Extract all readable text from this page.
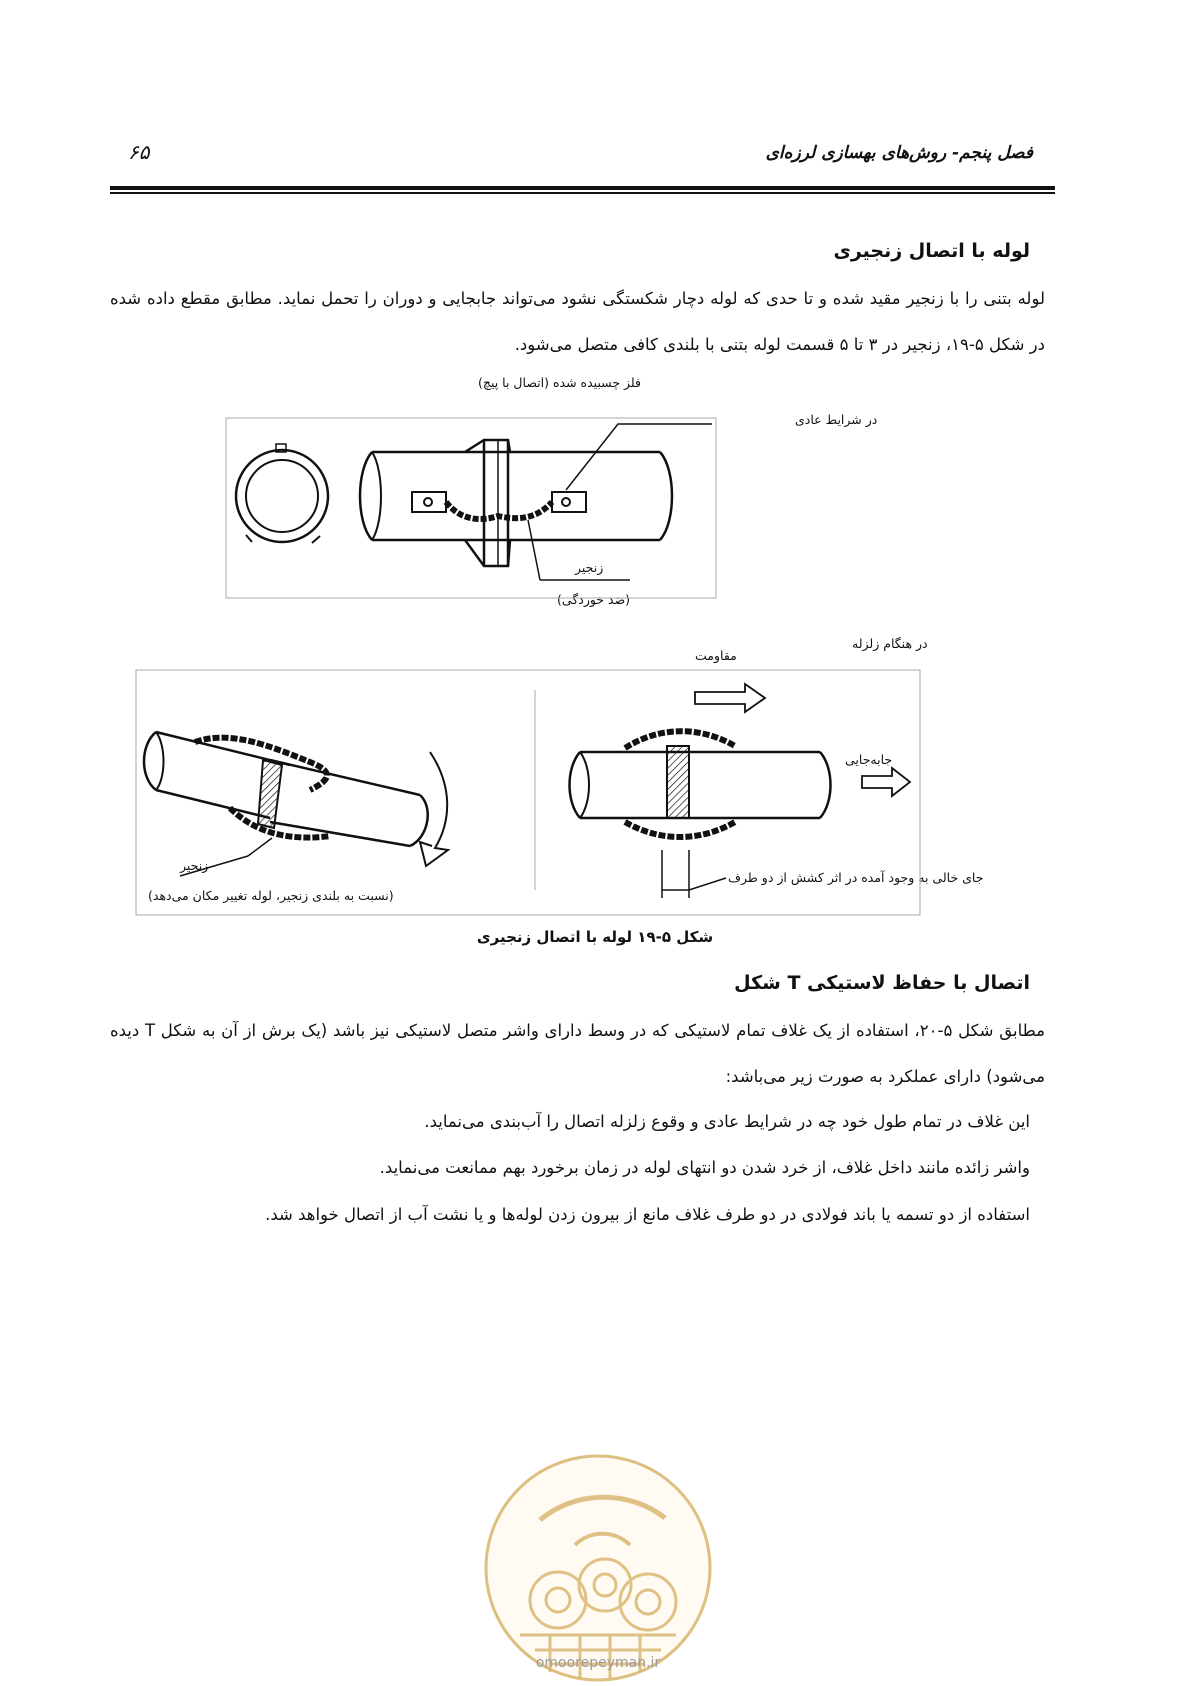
۶۵	فصل پنجم- روش‌های بهسازی لرزه‌ای
لوله با اتصال زنجیری
لوله بتنی را با زنجیر مقید شده و تا حدی که لوله دچار شکستگی نشود می‌تواند جابجایی و دوران را تحمل نماید. مطابق مقطع داده شده در شکل ۵-۱۹، زنجیر در ۳ تا ۵ قسمت لوله بتنی با بلندی کافی متصل می‌شود.
فلز چسبیده شده (اتصال با پیچ)
در شرایط عادی
زنجیر
(ضد خوردگی)
در هنگام زلزله
مقاومت
جابه‌جایی
زنجیر
(نسبت به بلندی زنجیر، لوله تغییر مکان می‌دهد)
جای خالی به وجود آمده در اثر کشش از دو طرف
شکل ۵-۱۹ لوله با اتصال زنجیری
اتصال با حفاظ لاستیکی T شکل
مطابق شکل ۵-۲۰، استفاده از یک غلاف تمام لاستیکی که در وسط دارای واشر متصل لاستیکی نیز باشد (یک برش از آن به شکل T دیده می‌شود) دارای عملکرد به صورت زیر می‌باشد:
این غلاف در تمام طول خود چه در شرایط عادی و وقوع زلزله اتصال را آب‌بندی می‌نماید.
واشر زائده مانند داخل غلاف، از خرد شدن دو انتهای لوله در زمان برخورد بهم ممانعت می‌نماید.
استفاده از دو تسمه یا باند فولادی در دو طرف غلاف مانع از بیرون زدن لوله‌ها و یا نشت آب از اتصال خواهد شد.
omoorepeyman.ir
